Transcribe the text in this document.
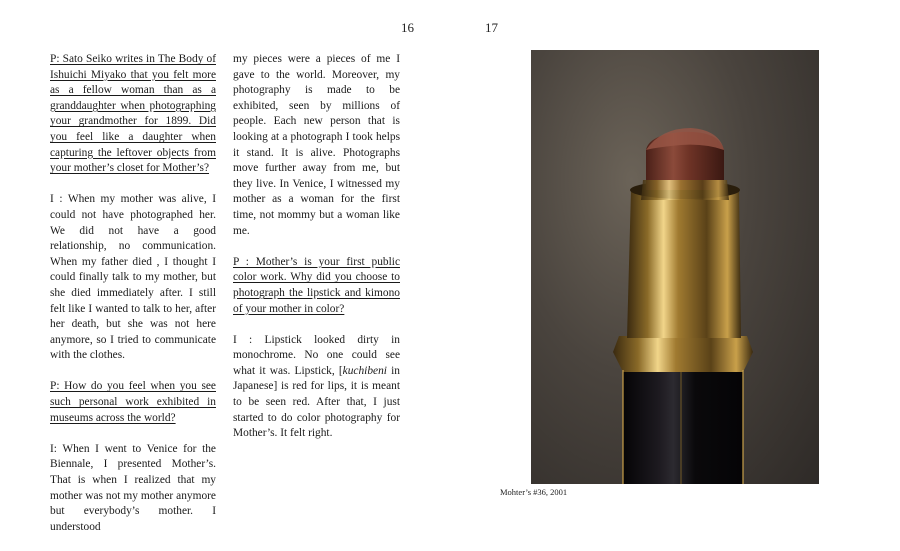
16	17

P: Sato Seiko writes in The Body of Ishuichi Miyako that you felt more as a fellow woman than as a granddaughter when photographing your grandmother for 1899. Did you feel like a daughter when capturing the leftover objects from your mother’s closet for Mother’s?

I : When my mother was alive, I could not have photographed her. We did not have a good relationship, no communication. When my father died , I thought I could finally talk to my mother, but she died immediately after. I still felt like I wanted to talk to her, after her death, but she was not here anymore, so I tried to communicate with the clothes.

P: How do you feel when you see such personal work exhibited in museums across the world?

I: When I went to Venice for the Biennale, I presented Mother’s. That is when I realized that my mother was not my mother anymore but everybody’s mother. I understood

my pieces were a pieces of me I gave to the world. Moreover, my photography is made to be exhibited, seen by millions of people. Each new person that is looking at a photograph I took helps it stand. It is alive. Photographs move further away from me, but they live. In Venice, I witnessed my mother as a woman for the first time, not mommy but a woman like me.

P : Mother’s is your first public color work. Why did you choose to photograph the lipstick and kimono of your mother in color?

I : Lipstick looked dirty in monochrome. No one could see what it was. Lipstick, [kuchibeni in Japanese] is red for lips, it is meant to be seen red. After that, I just started to do color photography for Mother’s. It felt right.

Mohter’s #36, 2001
